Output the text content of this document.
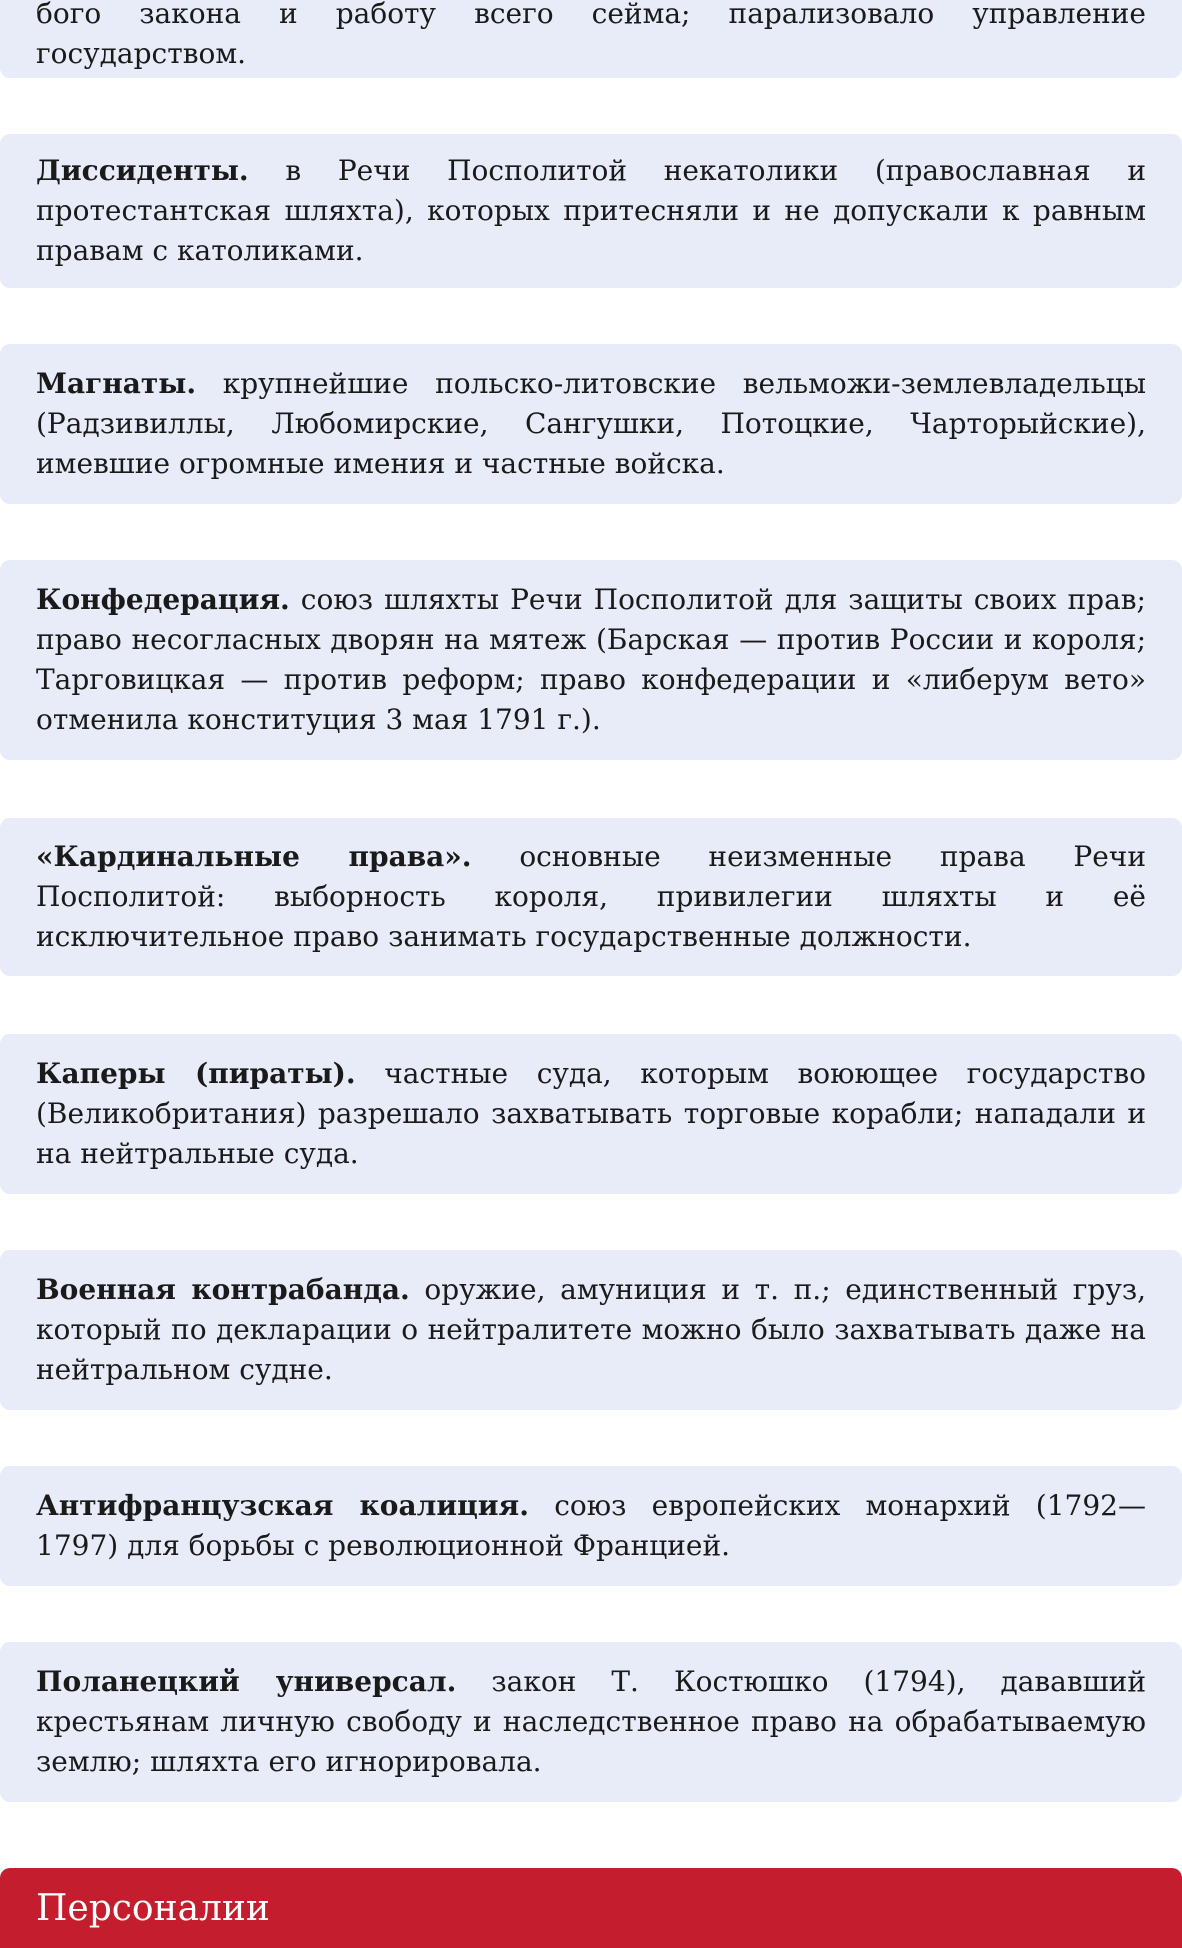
бого закона и работу всего сейма; парализовало управление государством.
Диссиденты. в Речи Посполитой некатолики (православная и протестантская шляхта), которых притесняли и не допускали к равным правам с католиками.
Магнаты. крупнейшие польско-литовские вельможи-землевладельцы (Радзивиллы, Любомирские, Сангушки, Потоцкие, Чарторыйские), имевшие огромные имения и частные войска.
Конфедерация. союз шляхты Речи Посполитой для защиты своих прав; право несогласных дворян на мятеж (Барская — против России и короля; Тарговицкая — против реформ; право конфедерации и «либерум вето» отменила конституция 3 мая 1791 г.).
«Кардинальные права». основные неизменные права Речи Посполитой: выборность короля, привилегии шляхты и её исключительное право занимать государственные должности.
Каперы (пираты). частные суда, которым воюющее государство (Великобритания) разрешало захватывать торговые корабли; нападали и на нейтральные суда.
Военная контрабанда. оружие, амуниция и т. п.; единственный груз, который по декларации о нейтралитете можно было захватывать даже на нейтральном судне.
Антифранцузская коалиция. союз европейских монархий (1792—1797) для борьбы с революционной Францией.
Поланецкий универсал. закон Т. Костюшко (1794), дававший крестьянам личную свободу и наследственное право на обрабатываемую землю; шляхта его игнорировала.
Персоналии
